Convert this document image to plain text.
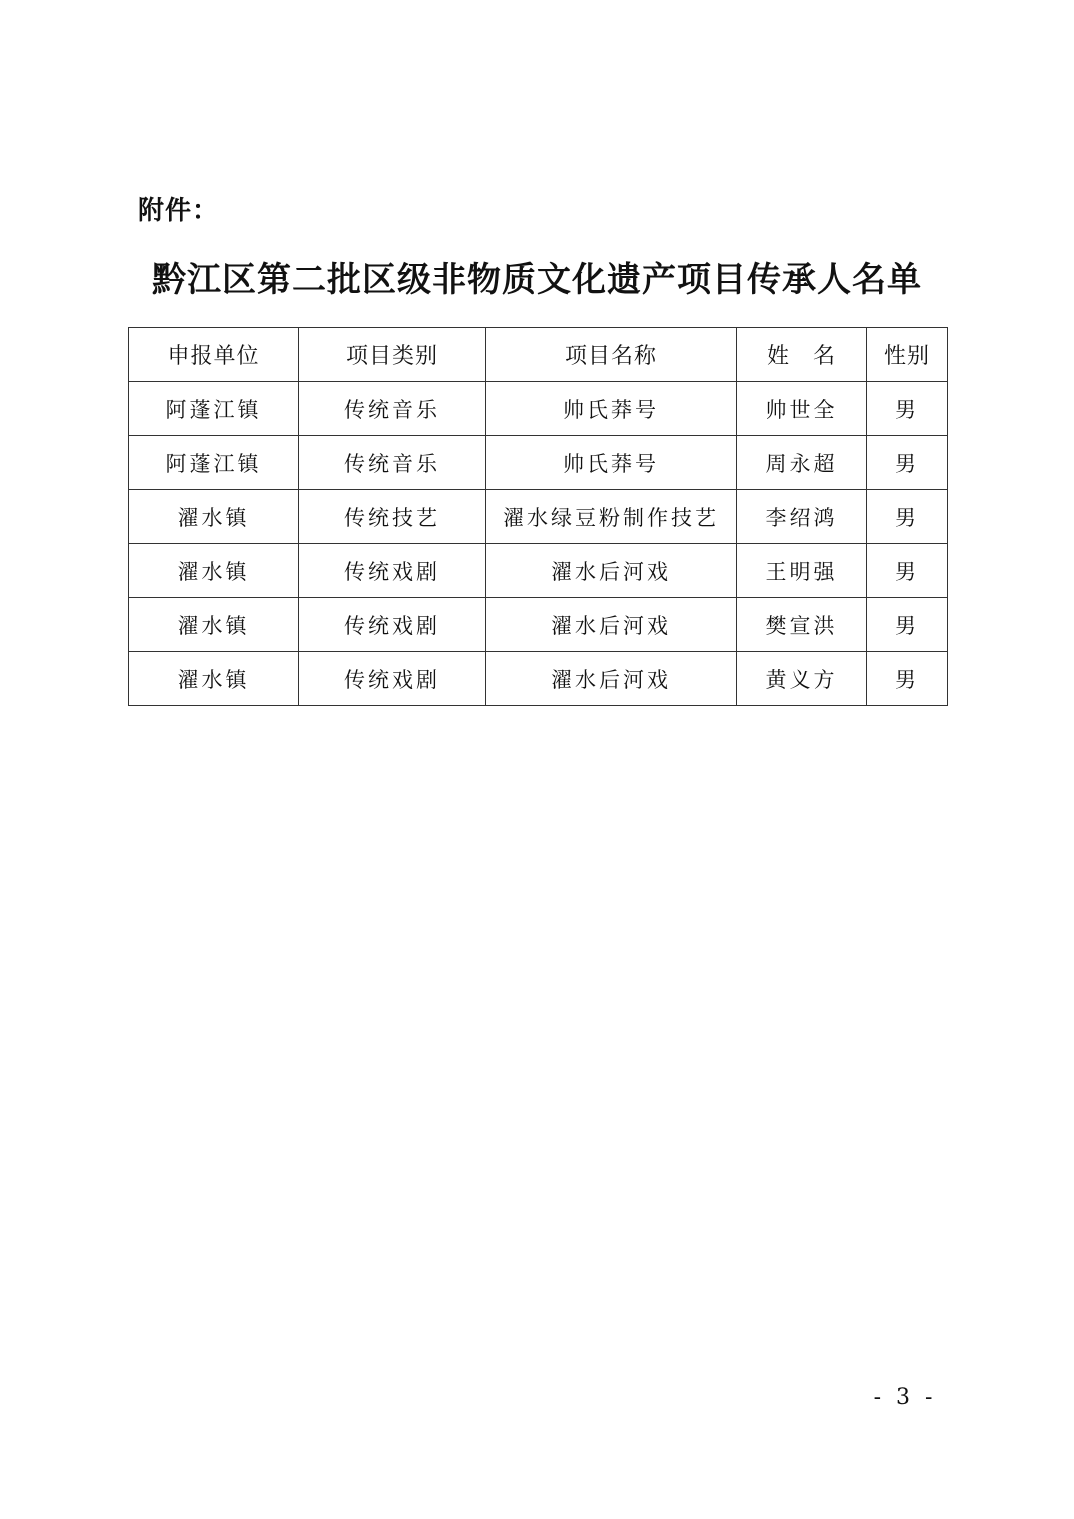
附件：
黔江区第二批区级非物质文化遗产项目传承人名单
申报单位	项目类别	项目名称	姓　名	性别
阿蓬江镇	传统音乐	帅氏莽号	帅世全	男
阿蓬江镇	传统音乐	帅氏莽号	周永超	男
濯水镇	传统技艺	濯水绿豆粉制作技艺	李绍鸿	男
濯水镇	传统戏剧	濯水后河戏	王明强	男
濯水镇	传统戏剧	濯水后河戏	樊宣洪	男
濯水镇	传统戏剧	濯水后河戏	黄义方	男
- 3 -
